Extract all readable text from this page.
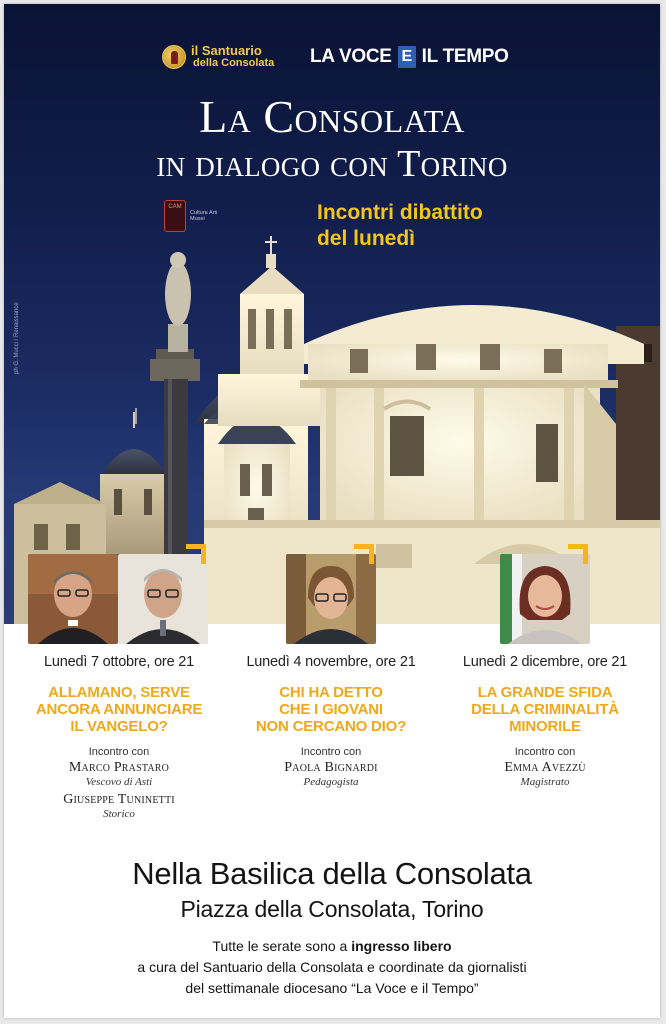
il Santuario
della Consolata LA VOCE E IL TEMPO
La Consolata
in dialogo con Torino
CAM
Cultura Arti Musei	Incontri dibattito
del lunedì
ph G. Mucci / Renaissance
Lunedì 7 ottobre, ore 21
ALLAMANO, SERVE
ANCORA ANNUNCIARE
IL VANGELO?
Incontro con
Marco Prastaro
Vescovo di Asti
Giuseppe Tuninetti
Storico
Lunedì 4 novembre, ore 21
CHI HA DETTO
CHE I GIOVANI
NON CERCANO DIO?
Incontro con
Paola Bignardi
Pedagogista
Lunedì 2 dicembre, ore 21
LA GRANDE SFIDA
DELLA CRIMINALITÀ
MINORILE
Incontro con
Emma Avezzù
Magistrato
Nella Basilica della Consolata
Piazza della Consolata, Torino
Tutte le serate sono a ingresso libero
a cura del Santuario della Consolata e coordinate da giornalisti
del settimanale diocesano “La Voce e il Tempo”
